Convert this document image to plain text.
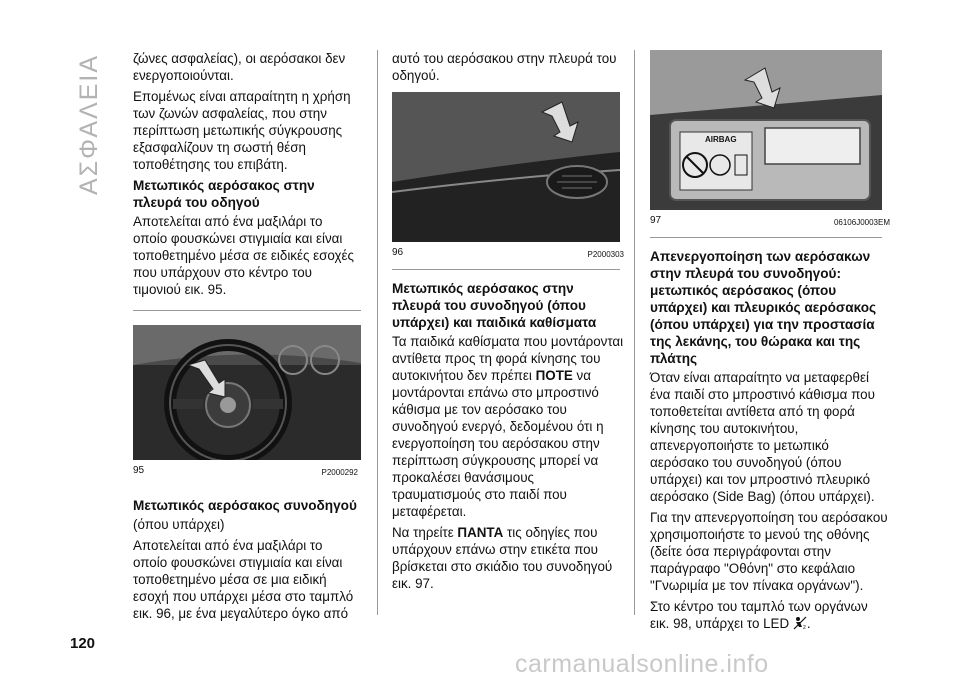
ΑΣΦΑΛΕΙΑ
120

ζώνες ασφαλείας), οι αερόσακοι δεν ενεργοποιούνται.

Επομένως είναι απαραίτητη η χρήση των ζωνών ασφαλείας, που στην περίπτωση μετωπικής σύγκρουσης εξασφαλίζουν τη σωστή θέση τοποθέτησης του επιβάτη.

Μετωπικός αερόσακος στην πλευρά του οδηγού

Αποτελείται από ένα μαξιλάρι το οποίο φουσκώνει στιγμιαία και είναι τοποθετημένο μέσα σε ειδικές εσοχές που υπάρχουν στο κέντρο του τιμονιού εικ. 95.

95	P2000292
Μετωπικός αερόσακος συνοδηγού

(όπου υπάρχει)

Αποτελείται από ένα μαξιλάρι το οποίο φουσκώνει στιγμιαία και είναι τοποθετημένο μέσα σε μια ειδική εσοχή που υπάρχει μέσα στο ταμπλό εικ. 96, με ένα μεγαλύτερο όγκο από

αυτό του αερόσακου στην πλευρά του οδηγού.

96	P2000303
Μετωπικός αερόσακος στην πλευρά του συνοδηγού (όπου υπάρχει) και παιδικά καθίσματα

Τα παιδικά καθίσματα που μοντάρονται αντίθετα προς τη φορά κίνησης του αυτοκινήτου δεν πρέπει ΠΟΤΕ να μοντάρονται επάνω στο μπροστινό κάθισμα με τον αερόσακο του συνοδηγού ενεργό, δεδομένου ότι η ενεργοποίηση του αερόσακου στην περίπτωση σύγκρουσης μπορεί να προκαλέσει θανάσιμους τραυματισμούς στο παιδί που μεταφέρεται.

Να τηρείτε ΠΑΝΤΑ τις οδηγίες που υπάρχουν επάνω στην ετικέτα που βρίσκεται στο σκιάδιο του συνοδηγού εικ. 97.

AIRBAG
97	06106J0003EM
Απενεργοποίηση των αερόσακων στην πλευρά του συνοδηγού: μετωπικός αερόσακος (όπου υπάρχει) και πλευρικός αερόσακος (όπου υπάρχει) για την προστασία της λεκάνης, του θώρακα και της πλάτης

Όταν είναι απαραίτητο να μεταφερθεί ένα παιδί στο μπροστινό κάθισμα που τοποθετείται αντίθετα από τη φορά κίνησης του αυτοκινήτου, απενεργοποιήστε το μετωπικό αερόσακο του συνοδηγού (όπου υπάρχει) και τον μπροστινό πλευρικό αερόσακο (Side Bag) (όπου υπάρχει).

Για την απενεργοποίηση του αερόσακου χρησιμοποιήστε το μενού της οθόνης (δείτε όσα περιγράφονται στην παράγραφο "Οθόνη" στο κεφάλαιο "Γνωριμία με τον πίνακα οργάνων").

Στο κέντρο του ταμπλό των οργάνων εικ. 98, υπάρχει το LED	2 .

carmanualsonline.info
